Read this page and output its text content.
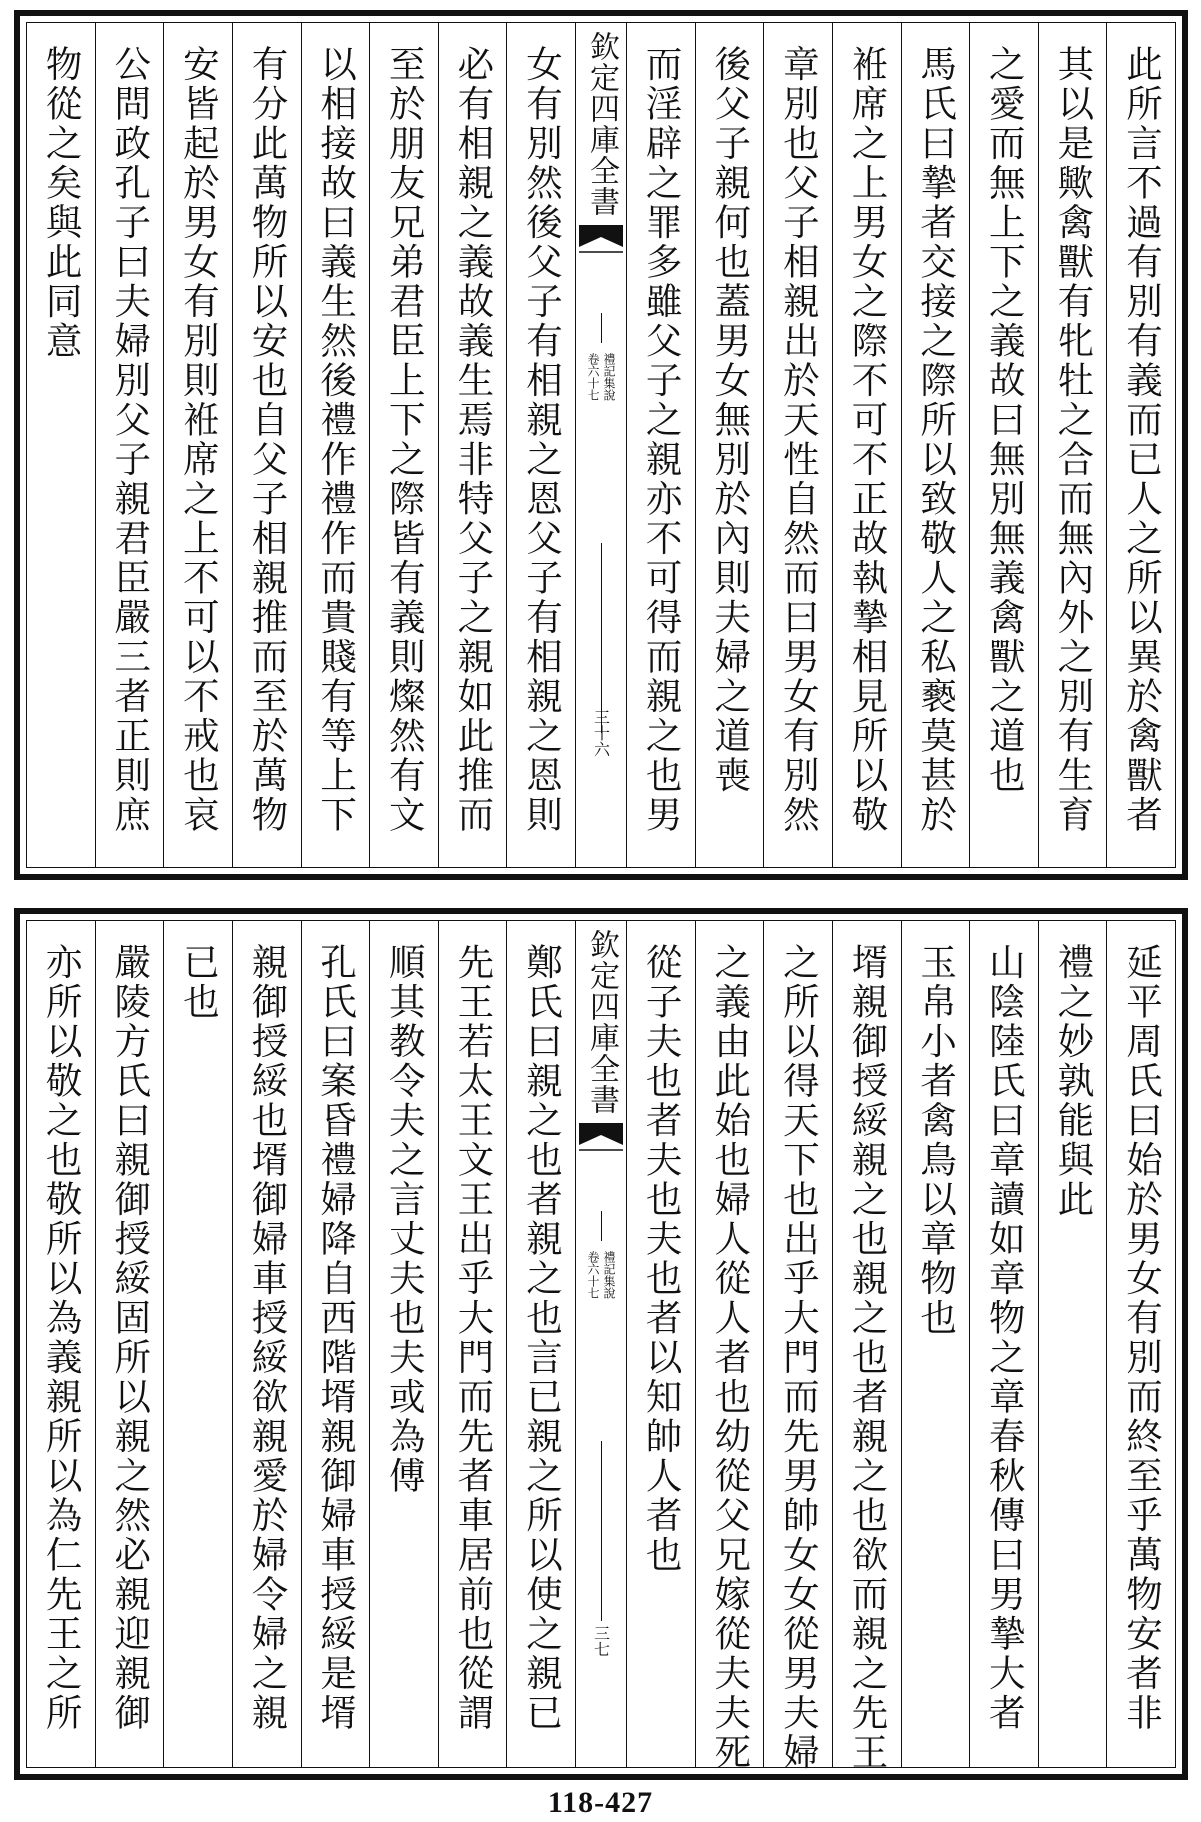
此所言不過有別有義而已人之所以異於禽獸者
其以是歟禽獸有牝牡之合而無內外之別有生育
之愛而無上下之義故曰無別無義禽獸之道也
馬氏曰摯者交接之際所以致敬人之私褻莫甚於
袵席之上男女之際不可不正故執摯相見所以敬
章別也父子相親出於天性自然而曰男女有別然
後父子親何也蓋男女無別於內則夫婦之道喪
而淫辟之罪多雖父子之親亦不可得而親之也男
欽定四庫全書
禮記集說
卷六十七
三十六
女有別然後父子有相親之恩父子有相親之恩則
必有相親之義故義生焉非特父子之親如此推而
至於朋友兄弟君臣上下之際皆有義則燦然有文
以相接故曰義生然後禮作禮作而貴賤有等上下
有分此萬物所以安也自父子相親推而至於萬物
安皆起於男女有別則袵席之上不可以不戒也哀
公問政孔子曰夫婦別父子親君臣嚴三者正則庶
物從之矣與此同意
延平周氏曰始於男女有別而終至乎萬物安者非
禮之妙孰能與此
山陰陸氏曰章讀如章物之章春秋傳曰男摯大者
玉帛小者禽鳥以章物也
壻親御授綏親之也親之也者親之也欲而親之先王
之所以得天下也出乎大門而先男帥女女從男夫婦
之義由此始也婦人從人者也幼從父兄嫁從夫夫死
從子夫也者夫也夫也者以知帥人者也
欽定四庫全書
禮記集說
卷六十七
三七
鄭氏曰親之也者親之也言已親之所以使之親已
先王若太王文王出乎大門而先者車居前也從謂
順其教令夫之言丈夫也夫或為傅
孔氏曰案昏禮婦降自西階壻親御婦車授綏是壻
親御授綏也壻御婦車授綏欲親愛於婦令婦之親
已也
嚴陵方氏曰親御授綏固所以親之然必親迎親御
亦所以敬之也敬所以為義親所以為仁先王之所
118-427
